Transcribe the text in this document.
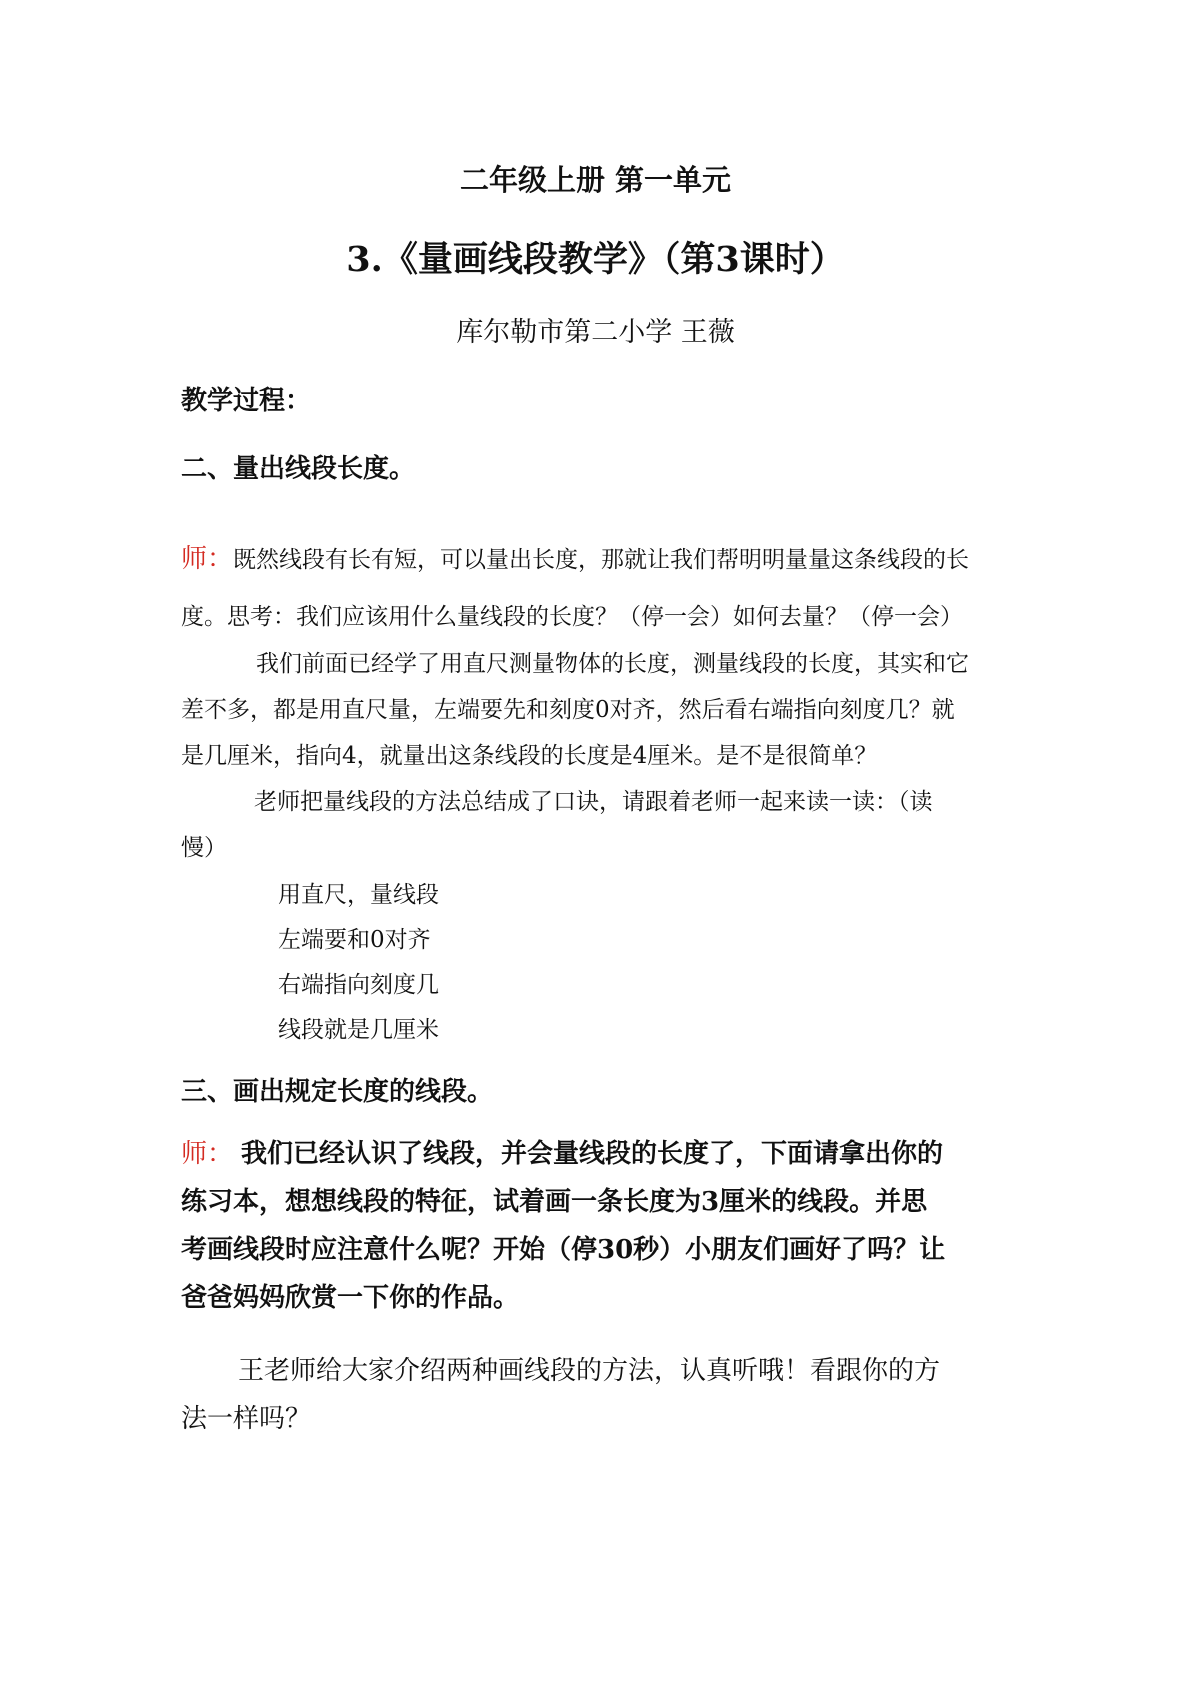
二年级上册 第一单元

3.《量画线段教学》（第3课时）

库尔勒市第二小学 王薇

教学过程：

二、量出线段长度。

师：既然线段有长有短，可以量出长度，那就让我们帮明明量量这条线段的长

度。思考：我们应该用什么量线段的长度？（停一会）如何去量？（停一会）

我们前面已经学了用直尺测量物体的长度，测量线段的长度，其实和它

差不多，都是用直尺量，左端要先和刻度0对齐，然后看右端指向刻度几？就

是几厘米，指向4，就量出这条线段的长度是4厘米。是不是很简单？

老师把量线段的方法总结成了口诀，请跟着老师一起来读一读：（读

慢）

用直尺，量线段

左端要和0对齐

右端指向刻度几

线段就是几厘米

三、画出规定长度的线段。

师： 我们已经认识了线段，并会量线段的长度了，下面请拿出你的

练习本，想想线段的特征，试着画一条长度为3厘米的线段。并思

考画线段时应注意什么呢？开始（停30秒）小朋友们画好了吗？让

爸爸妈妈欣赏一下你的作品。

王老师给大家介绍两种画线段的方法，认真听哦！看跟你的方

法一样吗？
